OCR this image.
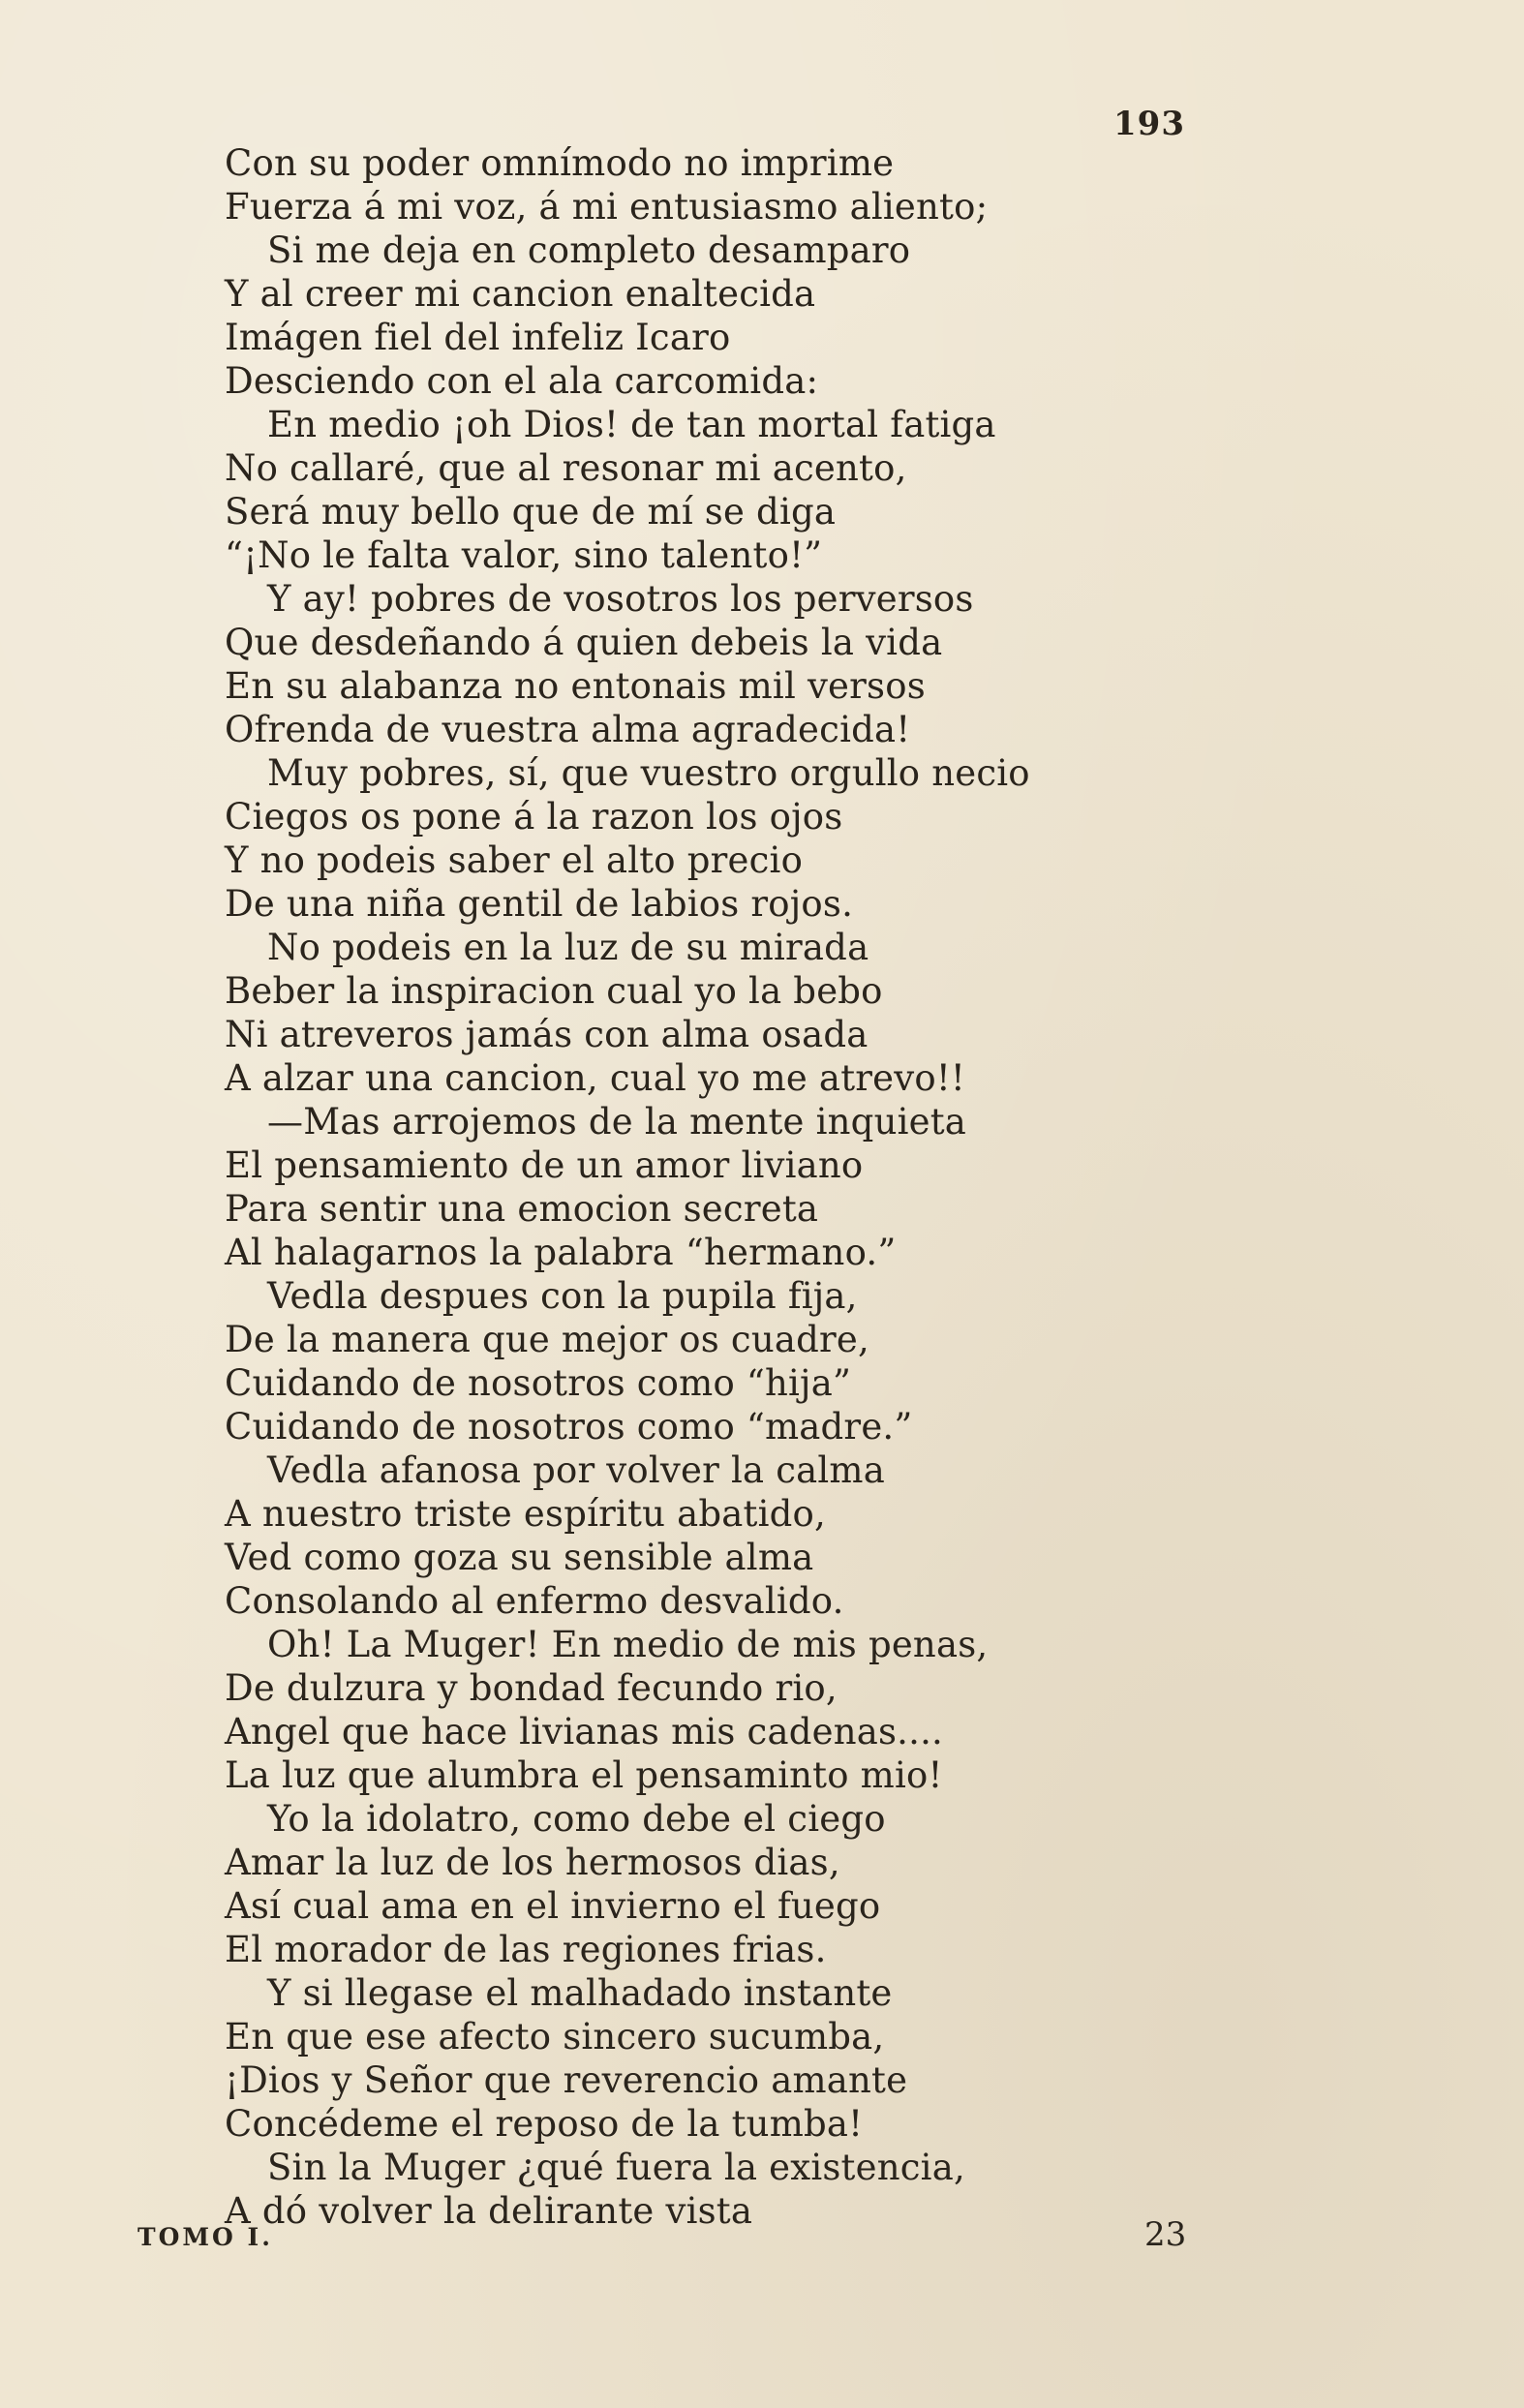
193
Con su poder omnímodo no imprime
Fuerza á mi voz, á mi entusiasmo aliento;
Si me deja en completo desamparo
Y al creer mi cancion enaltecida
Imágen fiel del infeliz Icaro
Desciendo con el ala carcomida:
En medio ¡oh Dios! de tan mortal fatiga
No callaré, que al resonar mi acento,
Será muy bello que de mí se diga
“¡No le falta valor, sino talento!”
Y ay! pobres de vosotros los perversos
Que desdeñando á quien debeis la vida
En su alabanza no entonais mil versos
Ofrenda de vuestra alma agradecida!
Muy pobres, sí, que vuestro orgullo necio
Ciegos os pone á la razon los ojos
Y no podeis saber el alto precio
De una niña gentil de labios rojos.
No podeis en la luz de su mirada
Beber la inspiracion cual yo la bebo
Ni atreveros jamás con alma osada
A alzar una cancion, cual yo me atrevo!!
—Mas arrojemos de la mente inquieta
El pensamiento de un amor liviano
Para sentir una emocion secreta
Al halagarnos la palabra “hermano.”
Vedla despues con la pupila fija,
De la manera que mejor os cuadre,
Cuidando de nosotros como “hija”
Cuidando de nosotros como “madre.”
Vedla afanosa por volver la calma
A nuestro triste espíritu abatido,
Ved como goza su sensible alma
Consolando al enfermo desvalido.
Oh! La Muger! En medio de mis penas,
De dulzura y bondad fecundo rio,
Angel que hace livianas mis cadenas....
La luz que alumbra el pensaminto mio!
Yo la idolatro, como debe el ciego
Amar la luz de los hermosos dias,
Así cual ama en el invierno el fuego
El morador de las regiones frias.
Y si llegase el malhadado instante
En que ese afecto sincero sucumba,
¡Dios y Señor que reverencio amante
Concédeme el reposo de la tumba!
Sin la Muger ¿qué fuera la existencia,
A dó volver la delirante vista
TOMO I.	23
